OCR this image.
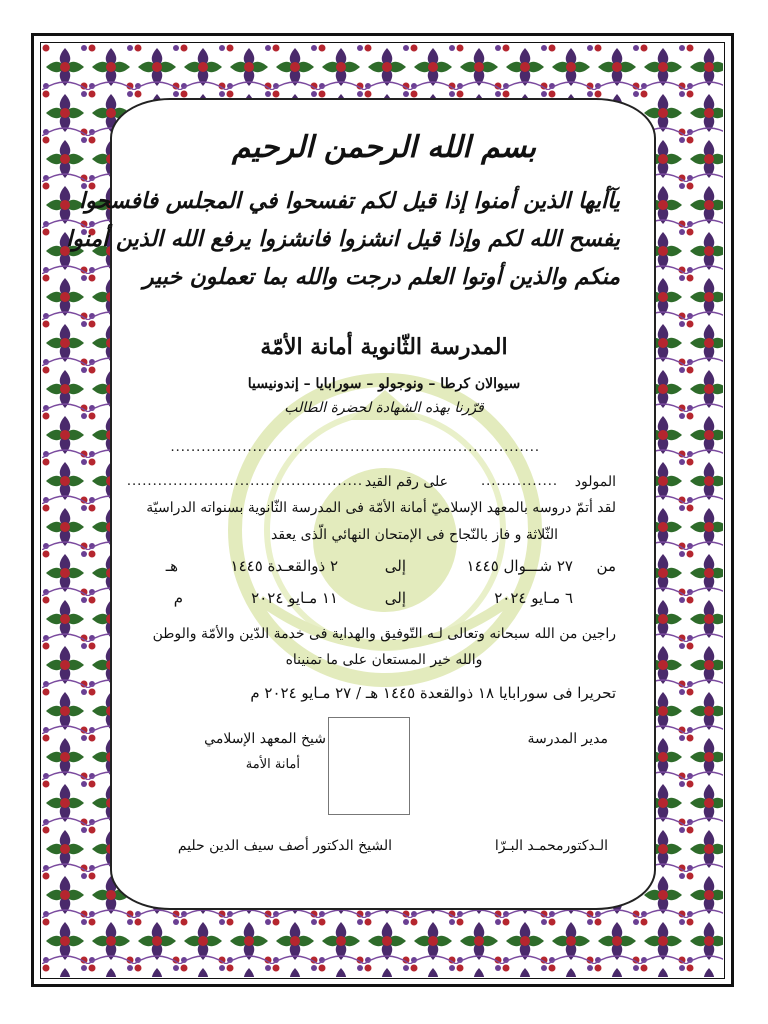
بسم الله الرحمن الرحيم
يآأيها الذين أمنوا إذا قيل لكم تفسحوا في المجلس فافسحوا
يفسح الله لكم وإذا قيل انشزوا فانشزوا يرفع الله الذين أمنوا
منكم والذين أوتوا العلم درجت والله بما تعملون خبير
المدرسة الثّانوية أمانة الأمّة
سيوالان كرطا – ونوجولو – سورابايا – إندونيسيا
قرّرنا بهذه الشهادة لحضرة الطالب
........................................................................
المولود
...............
على رقم القيد
..............................................
لقد أتمّ دروسه بالمعهد الإسلاميّ أمانة الأمّة فى المدرسة الثّانوية بسنواته الدراسيّة
الثّلاثة و فاز بالنّجاح فى الإمتحان النهائي الّذى يعقد
من
٢٧ شـــوال ١٤٤٥
إلى
٢ ذوالقعـدة ١٤٤٥
هـ
٦ مـايو ٢٠٢٤
إلى
١١ مـايو ٢٠٢٤
م
راجين من الله سبحانه وتعالى لـه التّوفيق والهداية فى خدمة الدّين والأمّة والوطن
والله خير المستعان على ما تمنيناه
تحريرا فى سورابايا ١٨ ذوالقعدة ١٤٤٥ هـ / ٢٧ مـايو ٢٠٢٤ م
مدير المدرسة
شيخ المعهد الإسلامي
أمانة الأمة
الـدكتورمحمـد البـرّا
الشيخ الدكتور أصف سيف الدين حليم
